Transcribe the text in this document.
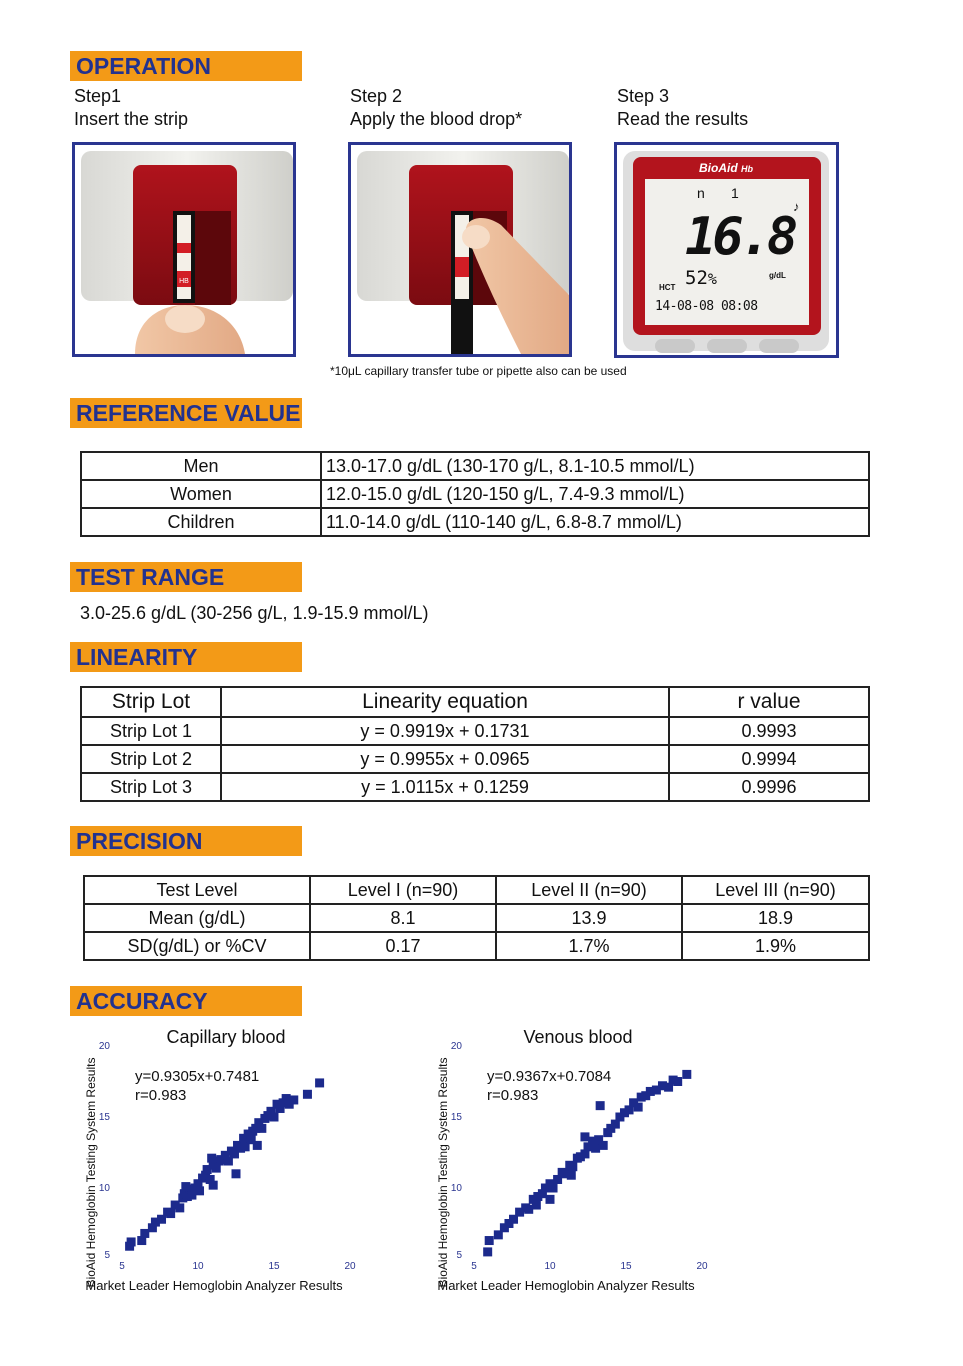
OPERATION
Step1
Insert the strip
Step 2
Apply the blood drop*
Step 3
Read the results
HB
BioAid Hb
n 1
♪
16.8
g/dL
HCT 52%
14-08-08 08:08
*10μL capillary transfer tube or pipette also can be used
REFERENCE VALUE
Men	13.0-17.0 g/dL (130-170 g/L, 8.1-10.5 mmol/L)
Women	12.0-15.0 g/dL (120-150 g/L, 7.4-9.3 mmol/L)
Children	11.0-14.0 g/dL (110-140 g/L, 6.8-8.7 mmol/L)
TEST RANGE
3.0-25.6 g/dL (30-256 g/L, 1.9-15.9 mmol/L)
LINEARITY
Strip Lot	Linearity equation	r value
Strip Lot 1	y = 0.9919x + 0.1731	0.9993
Strip Lot 2	y = 0.9955x + 0.0965	0.9994
Strip Lot 3	y = 1.0115x + 0.1259	0.9996
PRECISION
Test Level	Level I (n=90)	Level II (n=90)	Level III (n=90)
Mean (g/dL)	8.1	13.9	18.9
SD(g/dL) or %CV	0.17	1.7%	1.9%
ACCURACY
Capillary blood
5	10	15	20
5
10
15
20
Market Leader Hemoglobin Analyzer Results
BioAid Hemoglobin Testing System Results y=0.9305x+0.7481
r=0.983
Venous blood
5	10	15	20
5
10
15
20
Market Leader Hemoglobin Analyzer Results
BioAid Hemoglobin Testing System Results y=0.9367x+0.7084
r=0.983
